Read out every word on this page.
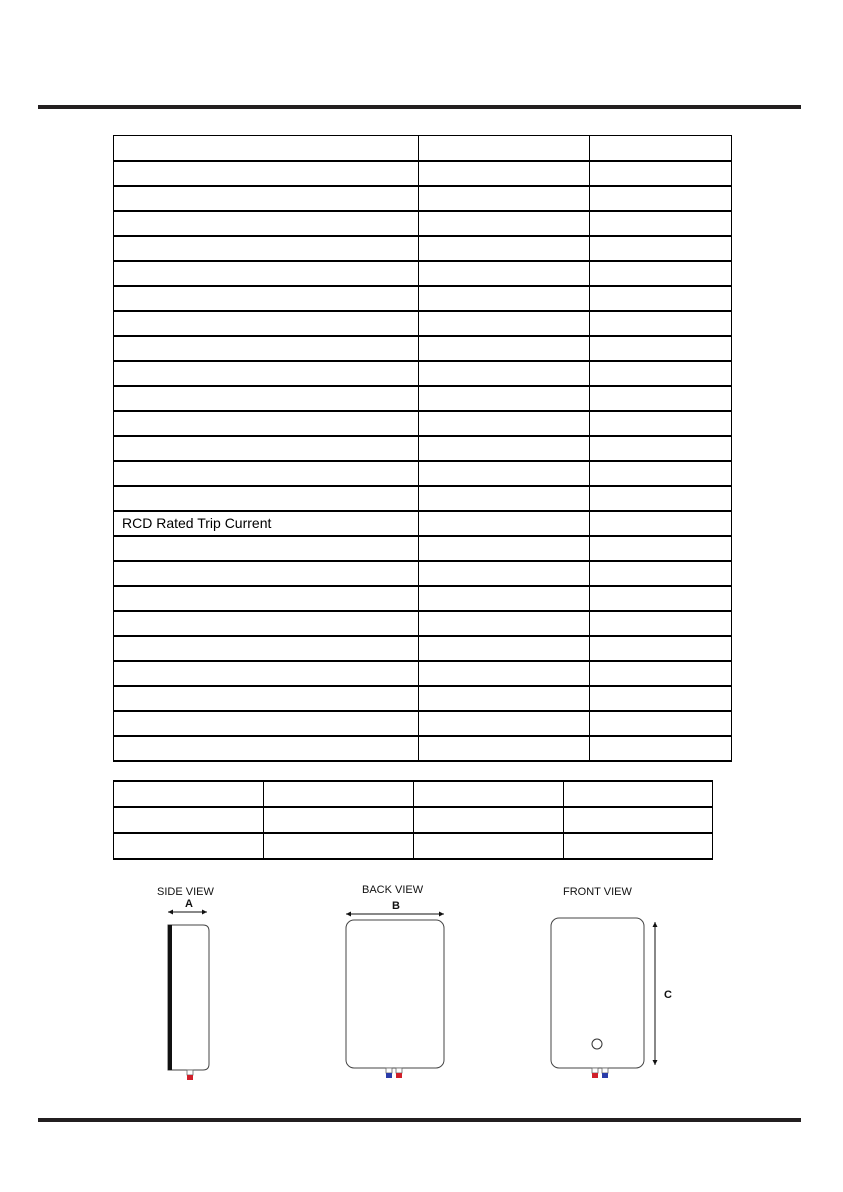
RCD Rated Trip Current		

SIDE VIEW
A
BACK VIEW
B
FRONT VIEW
C
